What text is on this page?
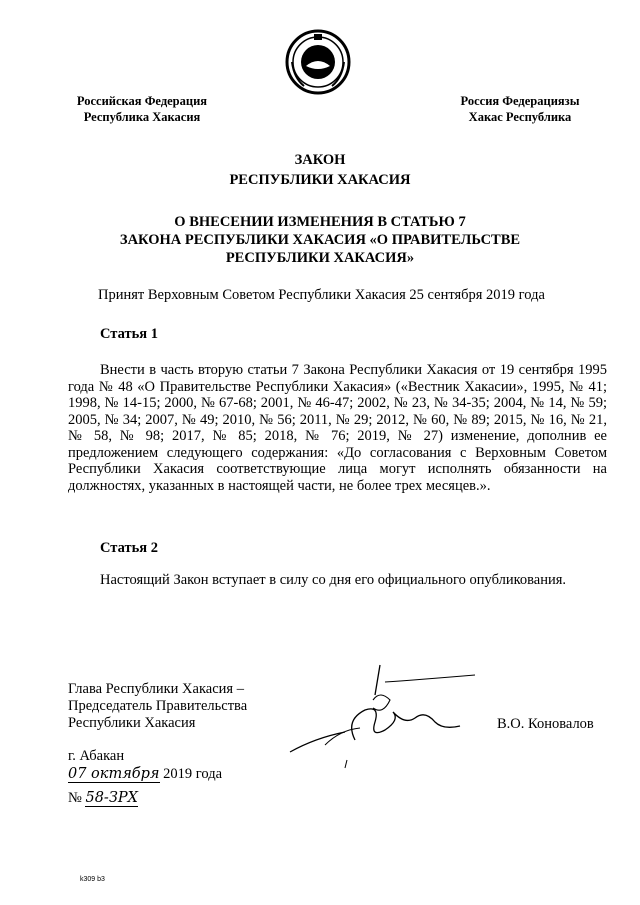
Российская Федерация
Республика Хакасия
Россия Федерациязы
Хакас Республика
ЗАКОН
РЕСПУБЛИКИ ХАКАСИЯ
О ВНЕСЕНИИ ИЗМЕНЕНИЯ В СТАТЬЮ 7
ЗАКОНА РЕСПУБЛИКИ ХАКАСИЯ «О ПРАВИТЕЛЬСТВЕ
РЕСПУБЛИКИ ХАКАСИЯ»
Принят Верховным Советом Республики Хакасия 25 сентября 2019 года
Статья 1
Внести в часть вторую статьи 7 Закона Республики Хакасия от 19 сентября 1995 года № 48 «О Правительстве Республики Хакасия» («Вестник Хакасии», 1995, № 41; 1998, № 14-15; 2000, № 67-68; 2001, № 46-47; 2002, № 23, № 34-35; 2004, № 14, № 59; 2005, № 34; 2007, № 49; 2010, № 56; 2011, № 29; 2012, № 60, № 89; 2015, № 16, № 21, № 58, № 98; 2017, № 85; 2018, № 76; 2019, № 27) изменение, дополнив ее предложением следующего содержания: «До согласования с Верховным Советом Республики Хакасия соответствующие лица могут исполнять обязанности на должностях, указанных в настоящей части, не более трех месяцев.».
Статья 2
Настоящий Закон вступает в силу со дня его официального опубликования.
Глава Республики Хакасия –
Председатель Правительства
Республики Хакасия	В.О. Коновалов
г. Абакан
07 октября 2019 года
№ 58-ЗРХ
k309 b3
